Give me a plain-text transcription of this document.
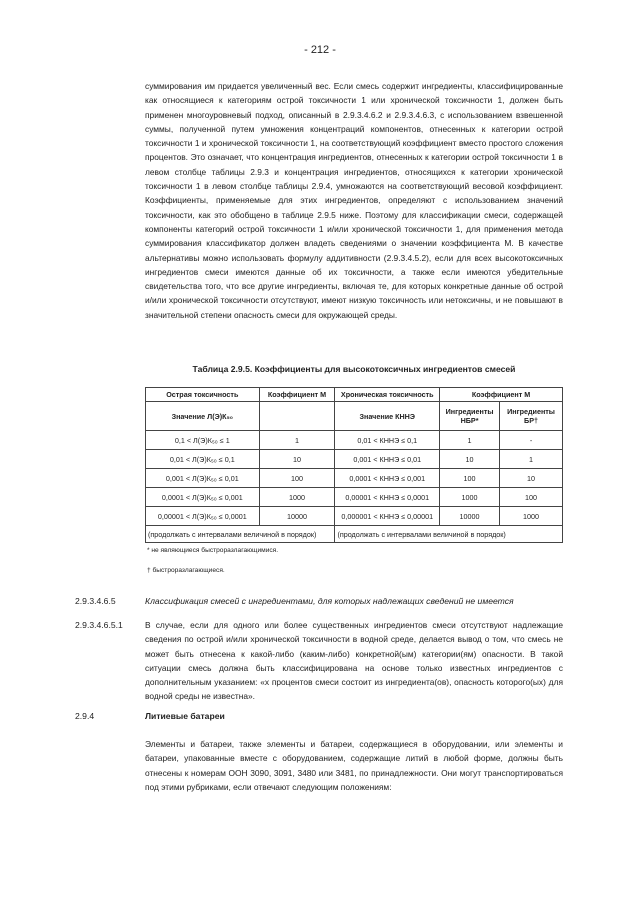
- 212 -

суммирования им придается увеличенный вес. Если смесь содержит ингредиенты, классифицированные как относящиеся к категориям острой токсичности 1 или хронической токсичности 1, должен быть применен многоуровневый подход, описанный в 2.9.3.4.6.2 и 2.9.3.4.6.3, с использованием взвешенной суммы, полученной путем умножения концентраций компонентов, отнесенных к категории острой токсичности 1 и хронической токсичности 1, на соответствующий коэффициент вместо простого сложения процентов. Это означает, что концентрация ингредиентов, отнесенных к категории острой токсичности 1 в левом столбце таблицы 2.9.3 и концентрация ингредиентов, относящихся к категории хронической токсичности 1 в левом столбце таблицы 2.9.4, умножаются на соответствующий весовой коэффициент. Коэффициенты, применяемые для этих ингредиентов, определяют с использованием значений токсичности, как это обобщено в таблице 2.9.5 ниже. Поэтому для классификации смеси, содержащей компоненты категорий острой токсичности 1 и/или хронической токсичности 1, для применения метода суммирования классификатор должен владеть сведениями о значении коэффициента M. В качестве альтернативы можно использовать формулу аддитивности (2.9.3.4.5.2), если для всех высокотоксичных ингредиентов смеси имеются данные об их токсичности, а также если имеются убедительные свидетельства того, что все другие ингредиенты, включая те, для которых конкретные данные об острой и/или хронической токсичности отсутствуют, имеют низкую токсичность или нетоксичны, и не повышают в значительной степени опасность смеси для окружающей среды.

Таблица 2.9.5. Коэффициенты для высокотоксичных ингредиентов смесей
Острая токсичность	Коэффициент M	Хроническая токсичность	Коэффициент M	
Значение Л(Э)К₅₀		Значение КННЭ	Ингредиенты НБР*	Ингредиенты БР†
0,1 < Л(Э)К₅₀ ≤ 1	1	0,01 < КННЭ ≤ 0,1	1	-
0,01 < Л(Э)К₅₀ ≤ 0,1	10	0,001 < КННЭ ≤ 0,01	10	1
0,001 < Л(Э)К₅₀ ≤ 0,01	100	0,0001 < КННЭ ≤ 0,001	100	10
0,0001 < Л(Э)К₅₀ ≤ 0,001	1000	0,00001 < КННЭ ≤ 0,0001	1000	100
0,00001 < Л(Э)К₅₀ ≤ 0,0001	10000	0,000001 < КННЭ ≤ 0,00001	10000	1000
(продолжать с интервалами величиной в порядок)		(продолжать с интервалами величиной в порядок)		
* не являющиеся быстроразлагающимися.
† быстроразлагающиеся.
2.9.3.4.6.5	Классификация смесей с ингредиентами, для которых надлежащих сведений не имеется
2.9.3.4.6.5.1	В случае, если для одного или более существенных ингредиентов смеси отсутствуют надлежащие сведения по острой и/или хронической токсичности в водной среде, делается вывод о том, что смесь не может быть отнесена к какой-либо (каким-либо) конкретной(ым) категории(ям) опасности. В такой ситуации смесь должна быть классифицирована на основе только известных ингредиентов с дополнительным указанием: «х процентов смеси состоит из ингредиента(ов), опасность которого(ых) для водной среды не известна».

2.9.4	Литиевые батареи

Элементы и батареи, также элементы и батареи, содержащиеся в оборудовании, или элементы и батареи, упакованные вместе с оборудованием, содержащие литий в любой форме, должны быть отнесены к номерам ООН 3090, 3091, 3480 или 3481, по принадлежности. Они могут транспортироваться под этими рубриками, если отвечают следующим положениям:
